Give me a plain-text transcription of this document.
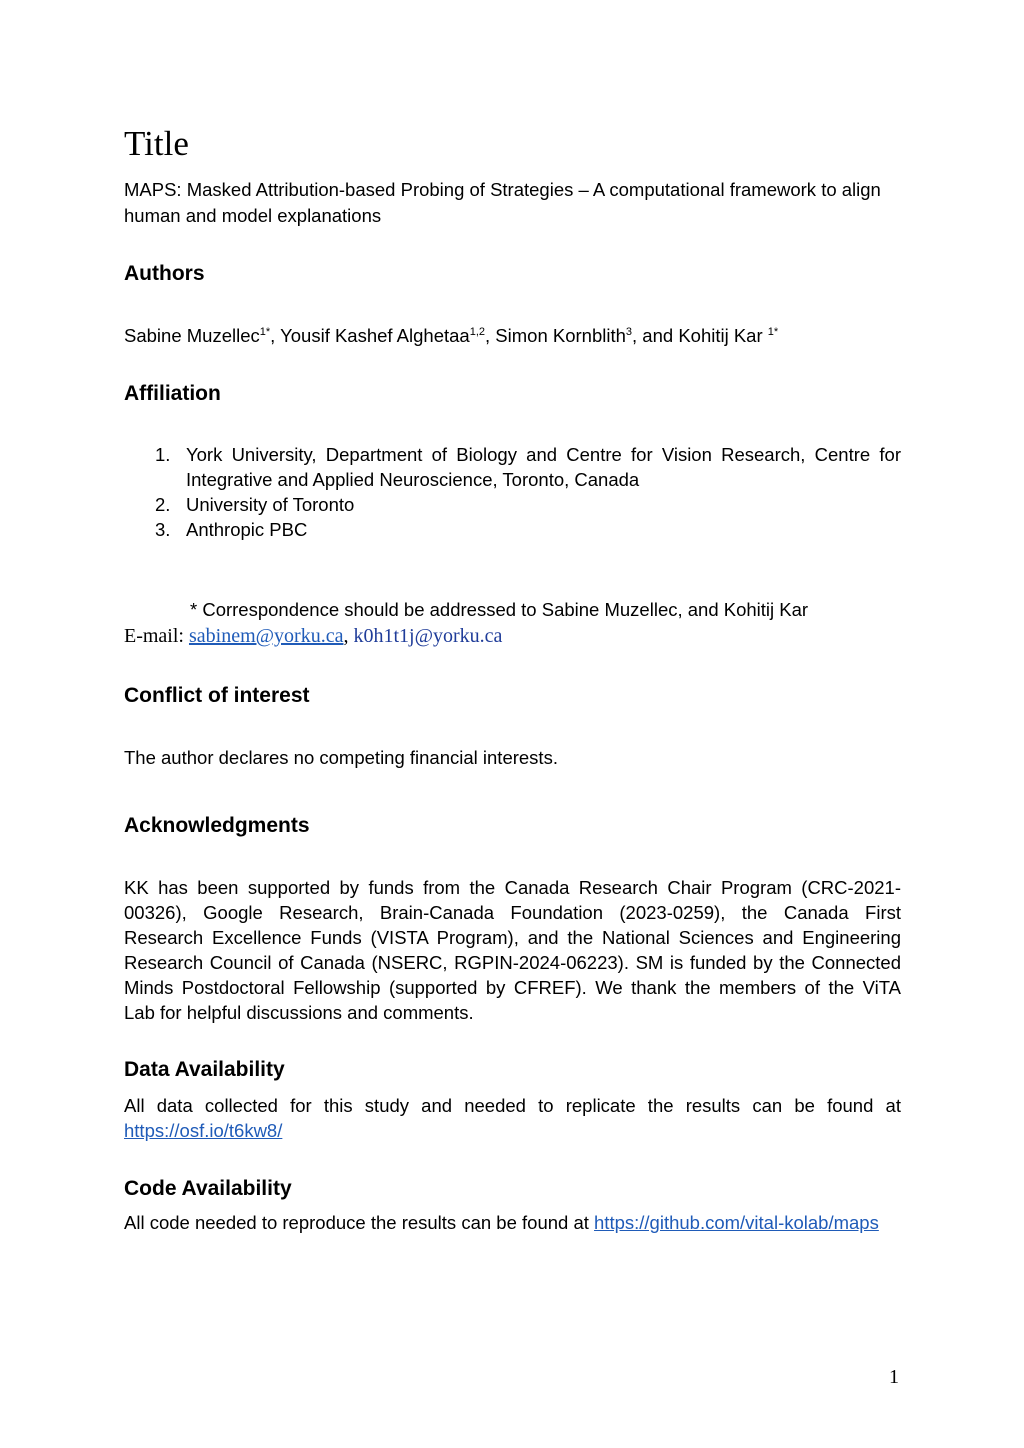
Title
MAPS: Masked Attribution-based Probing of Strategies – A computational framework to align human and model explanations
Authors
Sabine Muzellec$^{1*}$, Yousif Kashef Alghetaa$^{1,2}$, Simon Kornblith$^3$, and Kohitij Kar $^{1*}$
Affiliation
1. York University, Department of Biology and Centre for Vision Research, Centre for Integrative and Applied Neuroscience, Toronto, Canada
2. University of Toronto
3. Anthropic PBC
* Correspondence should be addressed to Sabine Muzellec, and Kohitij Kar
E-mail: sabinem@yorku.ca, k0h1t1j@yorku.ca
Conflict of interest
The author declares no competing financial interests.
Acknowledgments
KK has been supported by funds from the Canada Research Chair Program (CRC-2021-
00326), Google Research, Brain-Canada Foundation (2023-0259), the Canada First
Research Excellence Funds (VISTA Program), and the National Sciences and Engineering
Research Council of Canada (NSERC, RGPIN-2024-06223). SM is funded by the Connected
Minds Postdoctoral Fellowship (supported by CFREF). We thank the members of the ViTA
Lab for helpful discussions and comments.
Data Availability
All data collected for this study and needed to replicate the results can be found at
https://osf.io/t6kw8/
Code Availability
All code needed to reproduce the results can be found at https://github.com/vital-kolab/maps
1
